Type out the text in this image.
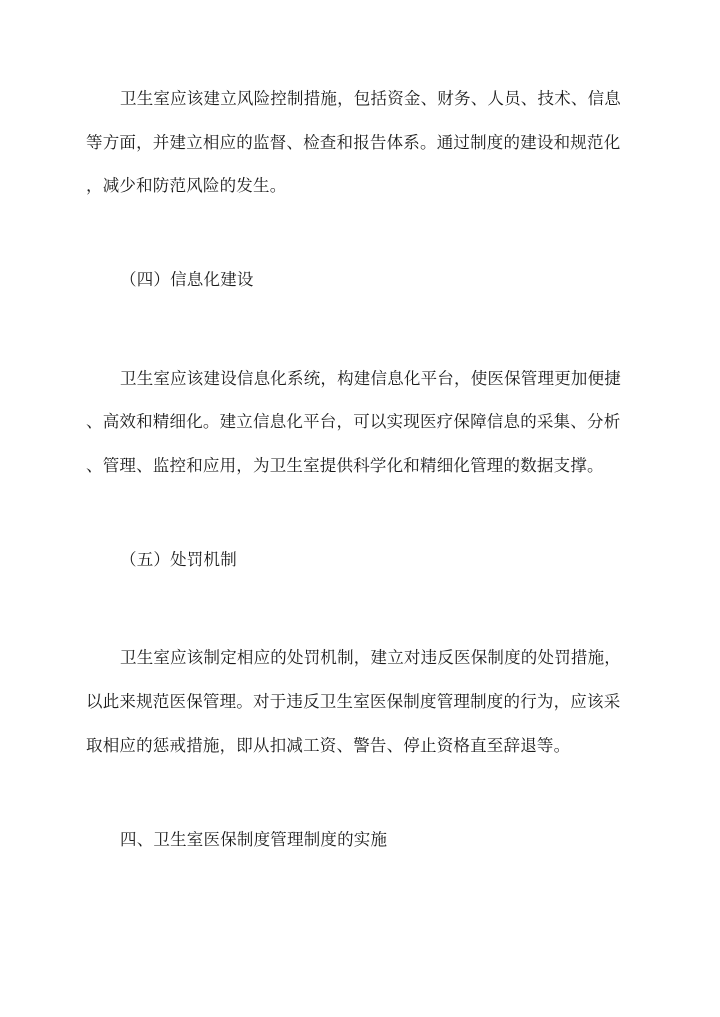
卫生室应该建立风险控制措施，包括资金、财务、人员、技术、信息
等方面，并建立相应的监督、检查和报告体系。通过制度的建设和规范化
，减少和防范风险的发生。
（四）信息化建设
卫生室应该建设信息化系统，构建信息化平台，使医保管理更加便捷
、高效和精细化。建立信息化平台，可以实现医疗保障信息的采集、分析
、管理、监控和应用，为卫生室提供科学化和精细化管理的数据支撑。
（五）处罚机制
卫生室应该制定相应的处罚机制，建立对违反医保制度的处罚措施，
以此来规范医保管理。对于违反卫生室医保制度管理制度的行为，应该采
取相应的惩戒措施，即从扣减工资、警告、停止资格直至辞退等。
四、卫生室医保制度管理制度的实施
